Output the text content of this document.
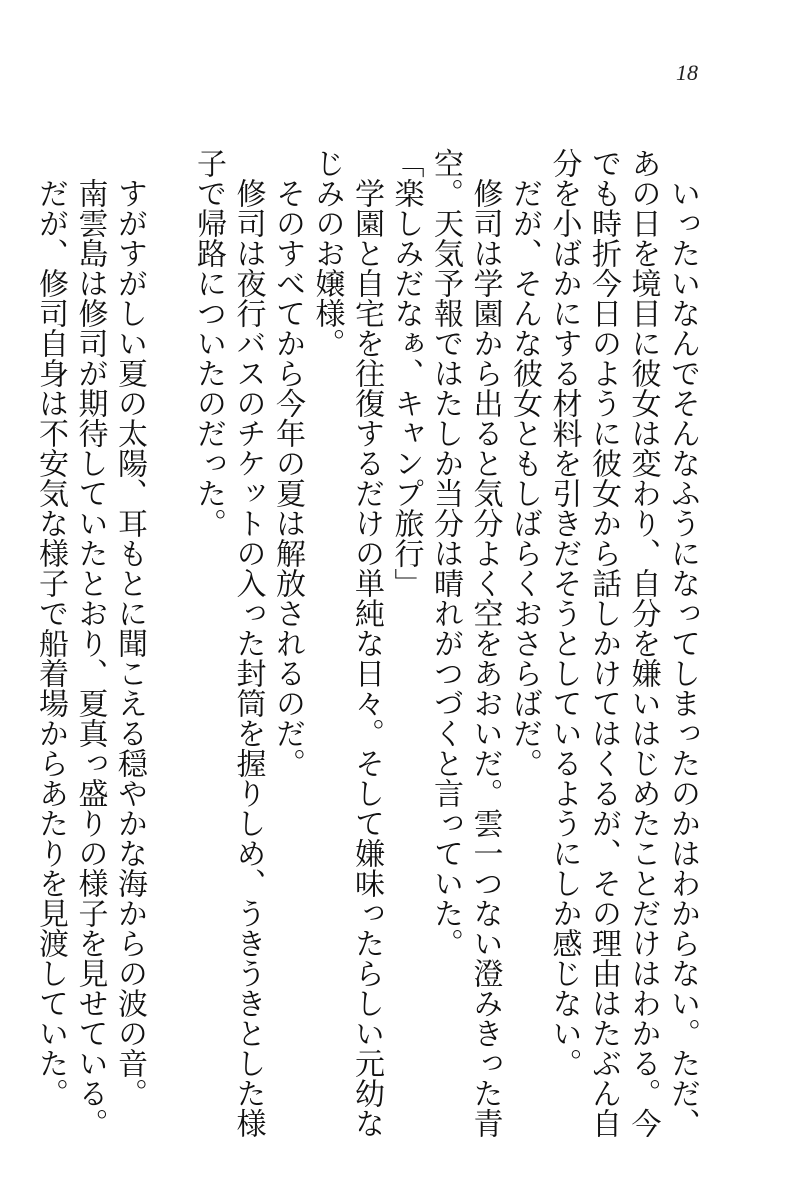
18

いったいなんでそんなふうになってしまったのかはわからない。ただ、あの日を境目に彼女は変わり、自分を嫌いはじめたことだけはわかる。今でも時折今日のように彼女から話しかけてはくるが、その理由はたぶん自分を小ばかにする材料を引きだそうとしているようにしか感じない。

だが、そんな彼女ともしばらくおさらばだ。

修司は学園から出ると気分よく空をあおいだ。雲一つない澄みきった青空。天気予報ではたしか当分は晴れがつづくと言っていた。

「楽しみだなぁ、キャンプ旅行」

学園と自宅を往復するだけの単純な日々。そして嫌味ったらしい元幼なじみのお嬢様。

そのすべてから今年の夏は解放されるのだ。

修司は夜行バスのチケットの入った封筒を握りしめ、うきうきとした様子で帰路についたのだった。

すがすがしい夏の太陽、耳もとに聞こえる穏やかな海からの波の音。

南雲島は修司が期待していたとおり、夏真っ盛りの様子を見せている。

だが、修司自身は不安気な様子で船着場からあたりを見渡していた。
